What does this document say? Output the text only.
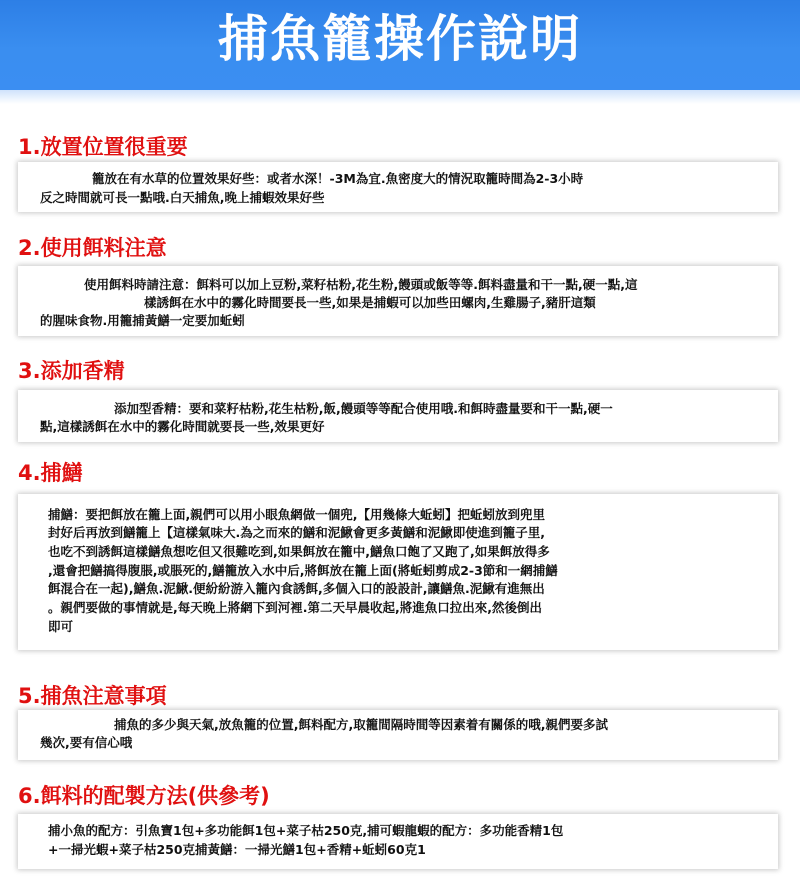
捕魚籠操作說明
1.放置位置很重要
籠放在有水草的位置效果好些：或者水深！-3M為宜.魚密度大的情況取籠時間為2-3小時
反之時間就可長一點哦.白天捕魚,晚上捕蝦效果好些
2.使用餌料注意
使用餌料時請注意：餌料可以加上豆粉,菜籽枯粉,花生粉,饅頭或飯等等.餌料盡量和干一點,硬一點,這
樣誘餌在水中的霧化時間要長一些,如果是捕蝦可以加些田螺肉,生雞腸子,豬肝這類
的腥味食物.用籠捕黃鱔一定要加蚯蚓
3.添加香精
添加型香精：要和菜籽枯粉,花生枯粉,飯,饅頭等等配合使用哦.和餌時盡量要和干一點,硬一
點,這樣誘餌在水中的霧化時間就要長一些,效果更好
4.捕鱔
捕鱔：要把餌放在籠上面,親們可以用小眼魚網做一個兜,【用幾條大蚯蚓】把蚯蚓放到兜里
封好后再放到鱔籠上【這樣氣味大.為之而來的鱔和泥鰍會更多黃鱔和泥鰍即使進到籠子里,
也吃不到誘餌這樣鱔魚想吃但又很難吃到,如果餌放在籠中,鱔魚口飽了又跑了,如果餌放得多
,還會把鱔搞得腹脹,或脹死的,鱔籠放入水中后,將餌放在籠上面(將蚯蚓剪成2-3節和一網捕鱔
餌混合在一起),鱔魚.泥鰍.便紛紛游入籠內食誘餌,多個入口的設設計,讓鱔魚.泥鰍有進無出
。親們要做的事情就是,每天晚上將網下到河裡.第二天早晨收起,將進魚口拉出來,然後倒出
即可
5.捕魚注意事項
捕魚的多少與天氣,放魚籠的位置,餌料配方,取籠間隔時間等因素着有關係的哦,親們要多試
幾次,要有信心哦
6.餌料的配製方法(供參考)
捕小魚的配方：引魚寶1包+多功能餌1包+菜子枯250克,捕可蝦龍蝦的配方：多功能香精1包
+一掃光蝦+菜子枯250克捕黃鱔：一掃光鱔1包+香精+蚯蚓60克1
